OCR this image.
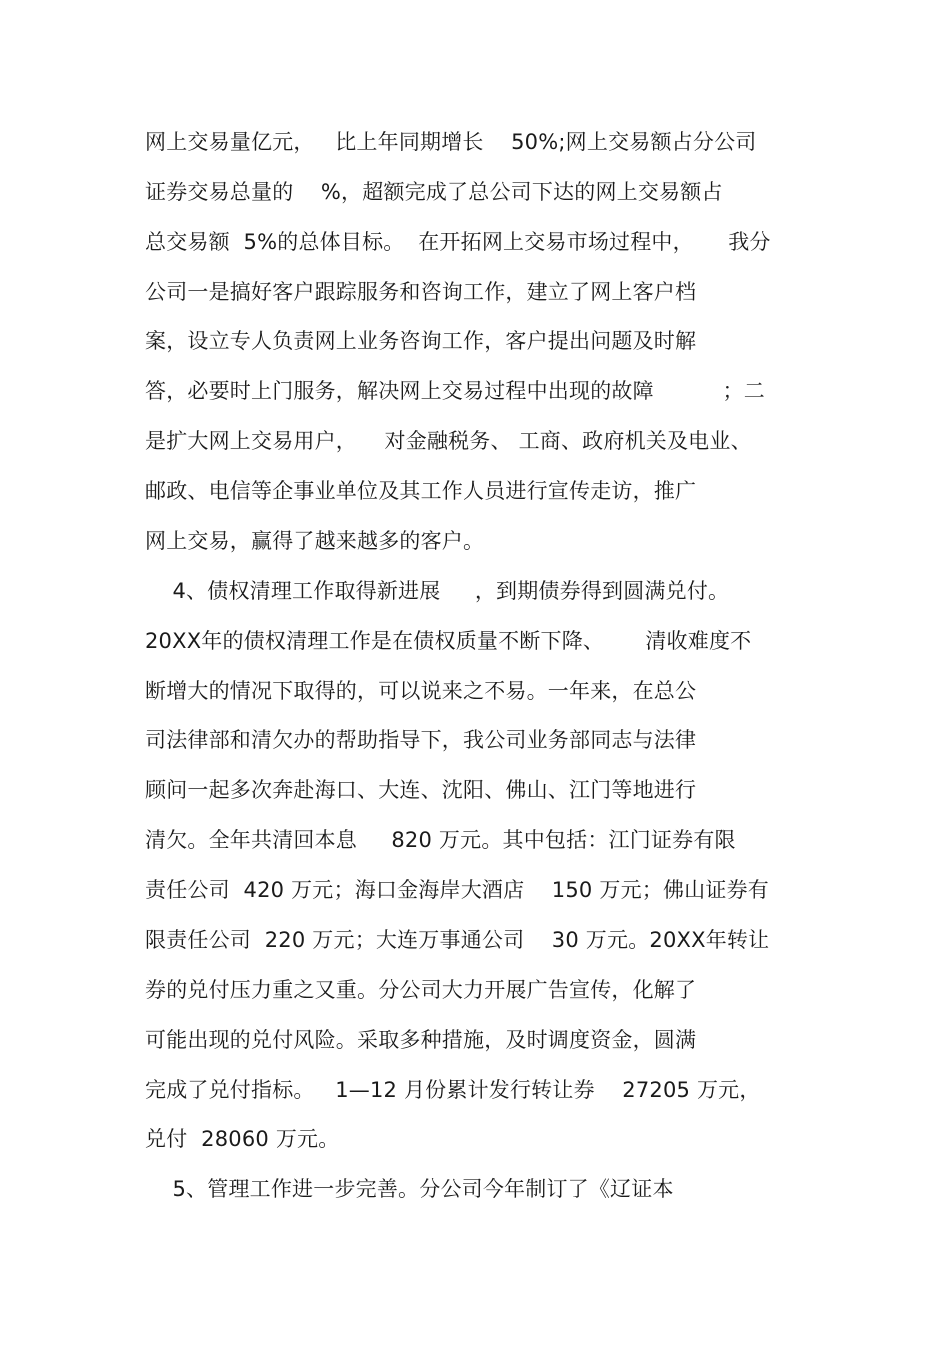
网上交易量亿元，   比上年同期增长    50%;网上交易额占分公司
证券交易总量的    %，超额完成了总公司下达的网上交易额占
总交易额  5%的总体目标。  在开拓网上交易市场过程中，     我分
公司一是搞好客户跟踪服务和咨询工作，建立了网上客户档
案，设立专人负责网上业务咨询工作，客户提出问题及时解
答，必要时上门服务，解决网上交易过程中出现的故障          ；二
是扩大网上交易用户，    对金融税务、 工商、政府机关及电业、
邮政、电信等企事业单位及其工作人员进行宣传走访，推广
网上交易，赢得了越来越多的客户。
4、债权清理工作取得新进展     ，到期债券得到圆满兑付。
20XX年的债权清理工作是在债权质量不断下降、      清收难度不
断增大的情况下取得的，可以说来之不易。一年来，在总公
司法律部和清欠办的帮助指导下，我公司业务部同志与法律
顾问一起多次奔赴海口、大连、沈阳、佛山、江门等地进行
清欠。全年共清回本息     820 万元。其中包括：江门证券有限
责任公司  420 万元；海口金海岸大酒店    150 万元；佛山证券有
限责任公司  220 万元；大连万事通公司    30 万元。20XX年转让
券的兑付压力重之又重。分公司大力开展广告宣传，化解了
可能出现的兑付风险。采取多种措施，及时调度资金，圆满
完成了兑付指标。   1—12 月份累计发行转让券    27205 万元，
兑付  28060 万元。
5、管理工作进一步完善。分公司今年制订了《辽证本
